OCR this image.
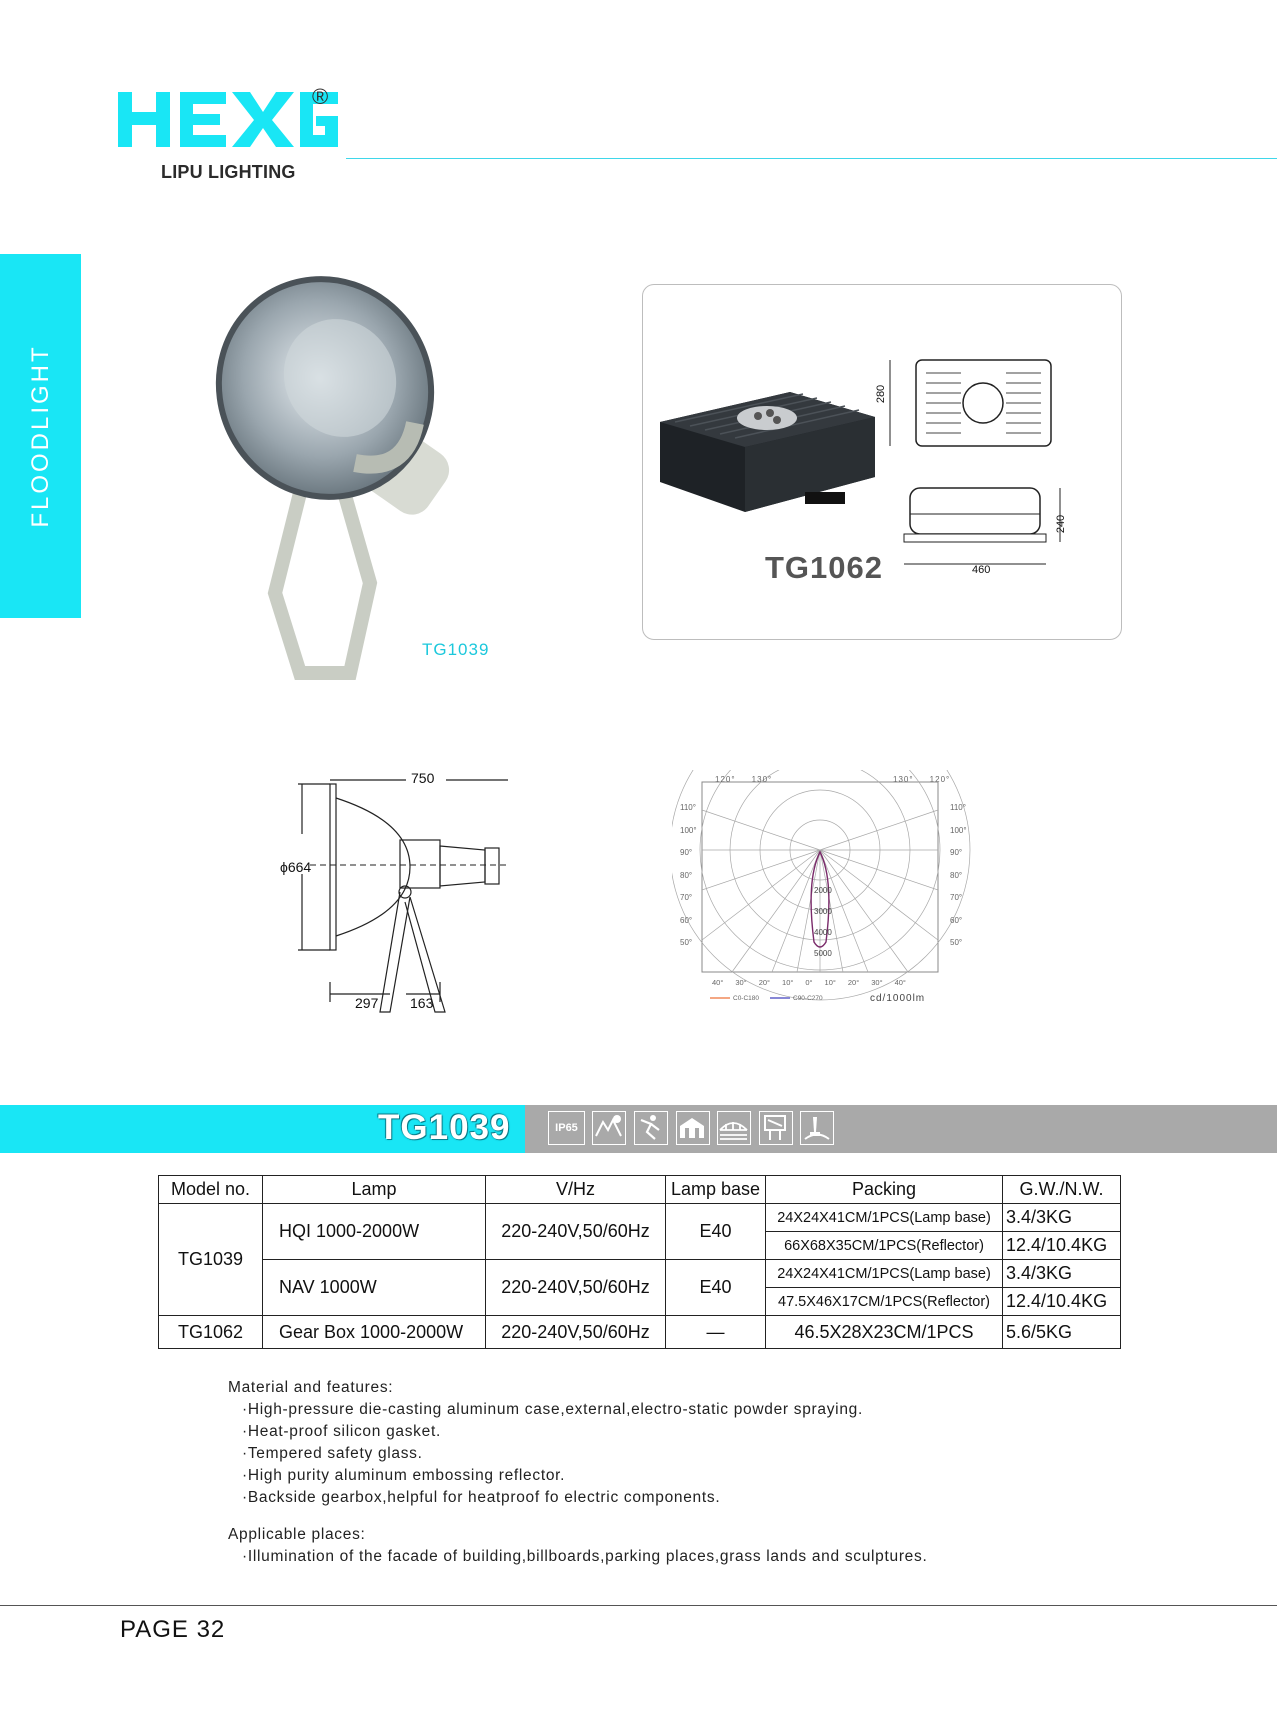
®
LIPU LIGHTING
FLOODLIGHT
TG1039
TG1062
280
240
460
750
ϕ664
297 163
120° 130°	130° 120°
110°
100°
90°
80°
70°
60°
50°
110°
100°
90°
80°
70°
60°
50°
2000
3000
4000
5000
40° 30° 20° 10° 0° 10° 20° 30° 40°
C0-C180	C90-C270	cd/1000lm
TG1039	IP65
Model no.	Lamp	V/Hz	Lamp base	Packing	G.W./N.W.
TG1039	HQI 1000-2000W	220-240V,50/60Hz	E40	24X24X41CM/1PCS(Lamp base)	3.4/3KG
				66X68X35CM/1PCS(Reflector)	12.4/10.4KG
	NAV 1000W	220-240V,50/60Hz	E40	24X24X41CM/1PCS(Lamp base)	3.4/3KG
				47.5X46X17CM/1PCS(Reflector)	12.4/10.4KG
TG1062	Gear Box 1000-2000W	220-240V,50/60Hz	—	46.5X28X23CM/1PCS	5.6/5KG
Material and features:
·High-pressure die-casting aluminum case,external,electro-static powder spraying.
·Heat-proof silicon gasket.
·Tempered safety glass.
·High purity aluminum embossing reflector.
·Backside gearbox,helpful for heatproof fo electric components.
Applicable places:
·Illumination of the facade of building,billboards,parking places,grass lands and sculptures.
PAGE 32
